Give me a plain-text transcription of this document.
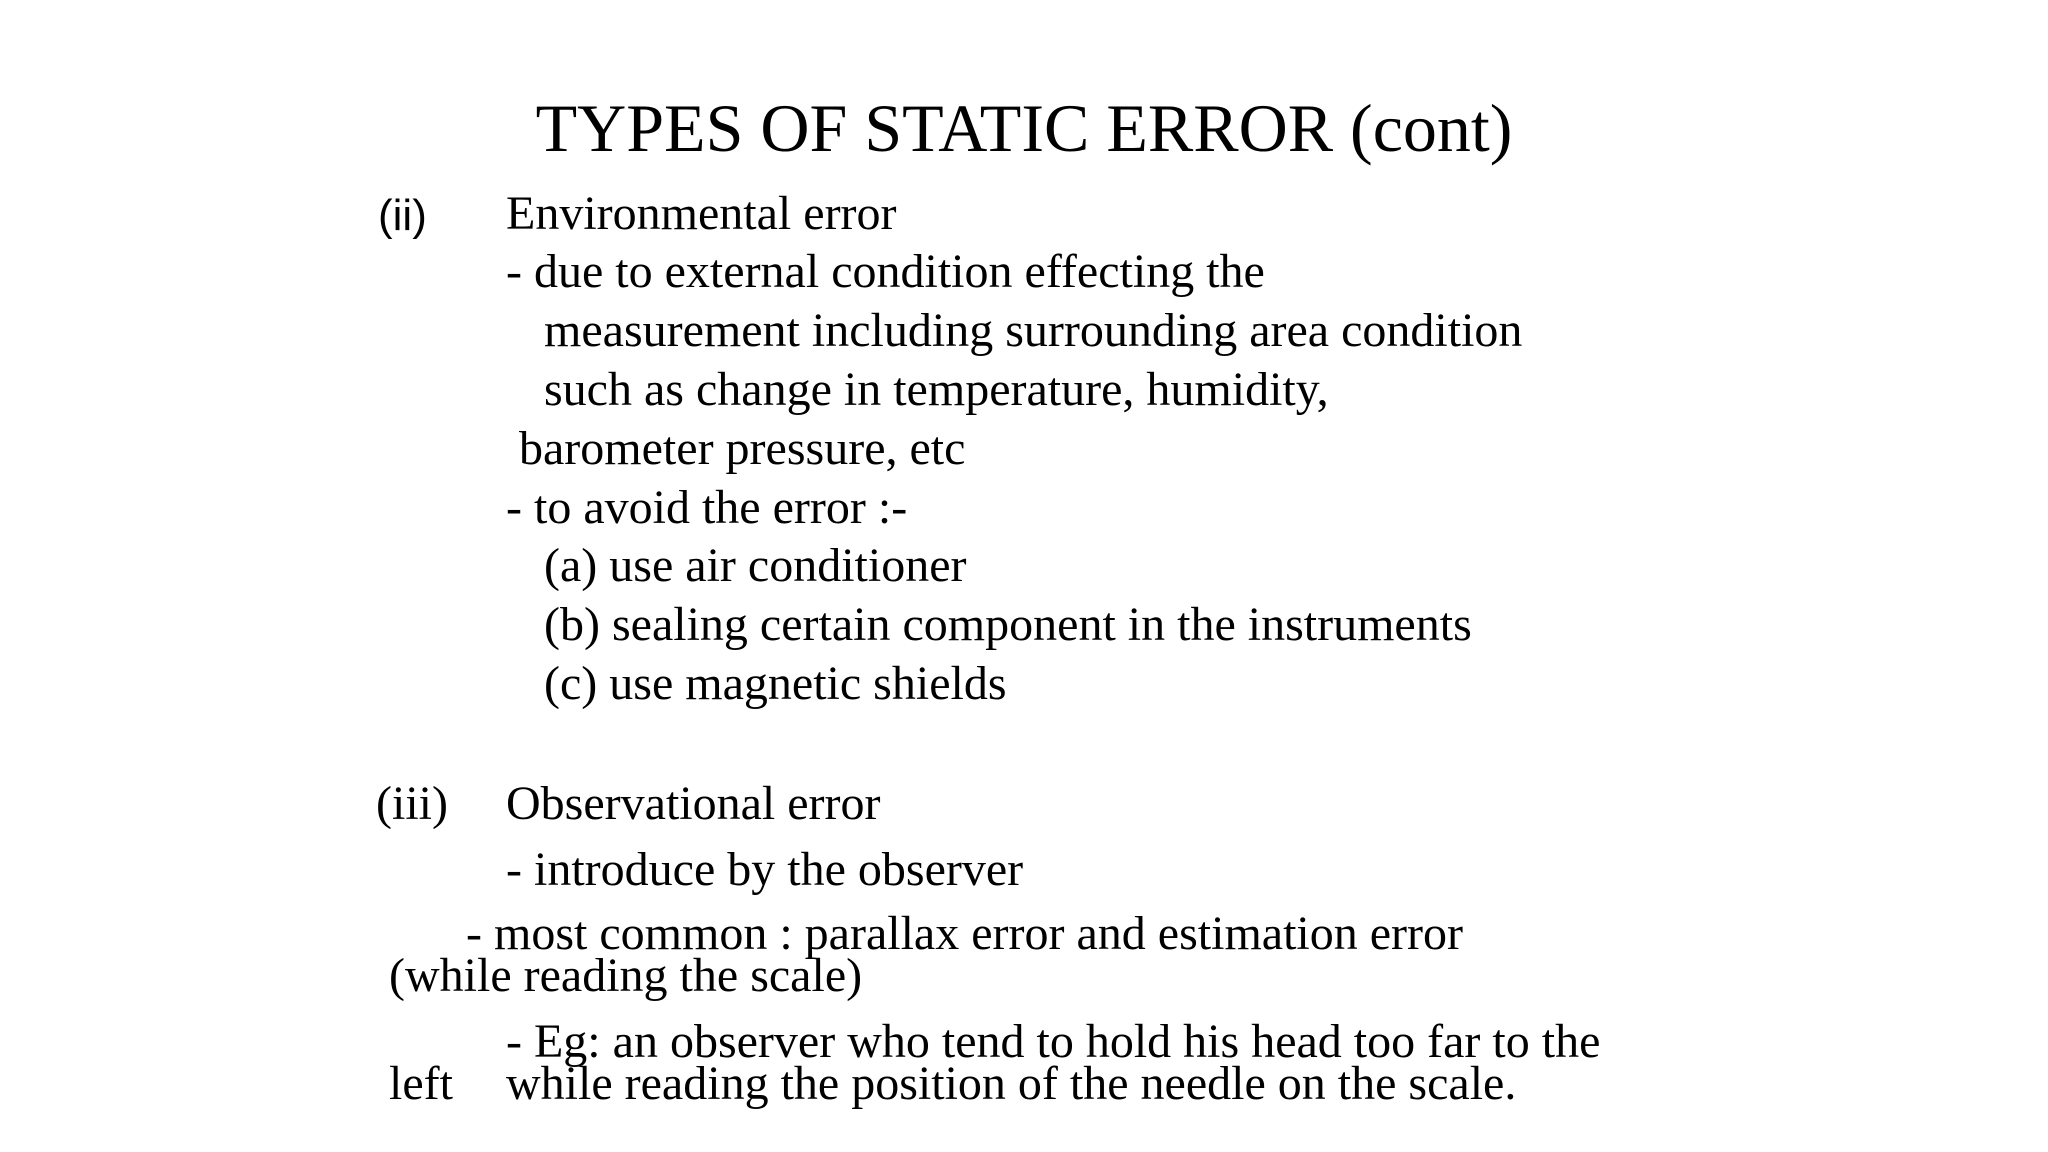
TYPES OF STATIC ERROR (cont)
(ii) Environmental error
- due to external condition effecting the
measurement including surrounding area condition
such as change in temperature, humidity,
barometer pressure, etc
- to avoid the error :-
(a) use air conditioner
(b) sealing certain component in the instruments
(c) use magnetic shields
(iii) Observational error
- introduce by the observer
- most common : parallax error and estimation error
(while reading the scale)
- Eg: an observer who tend to hold his head too far to the
left while reading the position of the needle on the scale.
